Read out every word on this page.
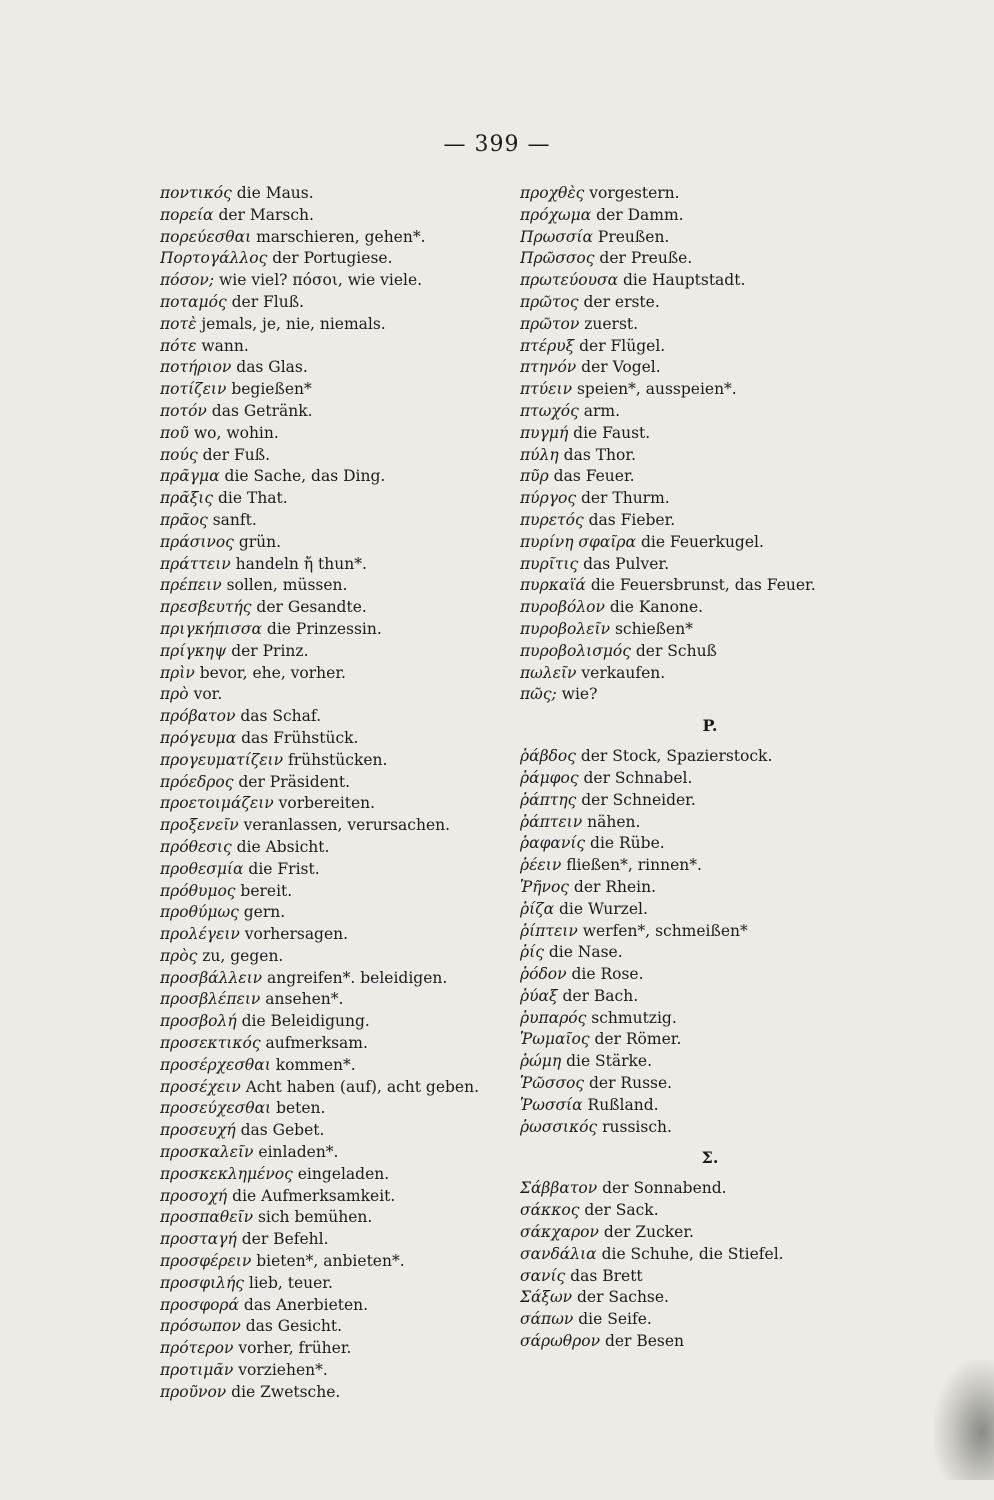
— 399 —
ποντικός die Maus.
πορεία der Marsch.
πορεύεσθαι marschieren, gehen*.
Πορτογάλλος der Portugiese.
πόσον; wie viel? πόσοι, wie viele.
ποταμός der Fluß.
ποτὲ jemals, je, nie, niemals.
πότε wann.
ποτήριον das Glas.
ποτίζειν begießen*
ποτόν das Getränk.
ποῦ wo, wohin.
πούς der Fuß.
πρᾶγμα die Sache, das Ding.
πρᾶξις die That.
πρᾶος sanft.
πράσινος grün.
πράττειν handeln ἤ thun*.
πρέπειν sollen, müssen.
πρεσβευτής der Gesandte.
πριγκήπισσα die Prinzessin.
πρίγκηψ der Prinz.
πρὶν bevor, ehe, vorher.
πρὸ vor.
πρόβατον das Schaf.
πρόγευμα das Frühstück.
προγευματίζειν frühstücken.
πρόεδρος der Präsident.
προετοιμάζειν vorbereiten.
προξενεῖν veranlassen, verursachen.
πρόθεσις die Absicht.
προθεσμία die Frist.
πρόθυμος bereit.
προθύμως gern.
προλέγειν vorhersagen.
πρὸς zu, gegen.
προσβάλλειν angreifen*. beleidigen.
προσβλέπειν ansehen*.
προσβολή die Beleidigung.
προσεκτικός aufmerksam.
προσέρχεσθαι kommen*.
προσέχειν Acht haben (auf), acht geben.
προσεύχεσθαι beten.
προσευχή das Gebet.
προσκαλεῖν einladen*.
προσκεκλημένος eingeladen.
προσοχή die Aufmerksamkeit.
προσπαθεῖν sich bemühen.
προσταγή der Befehl.
προσφέρειν bieten*, anbieten*.
προσφιλής lieb, teuer.
προσφορά das Anerbieten.
πρόσωπον das Gesicht.
πρότερον vorher, früher.
προτιμᾶν vorziehen*.
προῦνον die Zwetsche.
προχθὲς vorgestern.
πρόχωμα der Damm.
Πρωσσία Preußen.
Πρῶσσος der Preuße.
πρωτεύουσα die Hauptstadt.
πρῶτος der erste.
πρῶτον zuerst.
πτέρυξ der Flügel.
πτηνόν der Vogel.
πτύειν speien*, ausspeien*.
πτωχός arm.
πυγμή die Faust.
πύλη das Thor.
πῦρ das Feuer.
πύργος der Thurm.
πυρετός das Fieber.
πυρίνη σφαῖρα die Feuerkugel.
πυρῖτις das Pulver.
πυρκαϊά die Feuersbrunst, das Feuer.
πυροβόλον die Kanone.
πυροβολεῖν schießen*
πυροβολισμός der Schuß
πωλεῖν verkaufen.
πῶς; wie?
P.
ῥάβδος der Stock, Spazierstock.
ῥάμφος der Schnabel.
ῥάπτης der Schneider.
ῥάπτειν nähen.
ῥαφανίς die Rübe.
ῥέειν fließen*, rinnen*.
Ῥῆνος der Rhein.
ῥίζα die Wurzel.
ῥίπτειν werfen*, schmeißen*
ῥίς die Nase.
ῥόδον die Rose.
ῥύαξ der Bach.
ῥυπαρός schmutzig.
Ῥωμαῖος der Römer.
ῥώμη die Stärke.
Ῥῶσσος der Russe.
Ῥωσσία Rußland.
ῥωσσικός russisch.
Σ.
Σάββατον der Sonnabend.
σάκκος der Sack.
σάκχαρον der Zucker.
σανδάλια die Schuhe, die Stiefel.
σανίς das Brett
Σάξων der Sachse.
σάπων die Seife.
σάρωθρον der Besen
